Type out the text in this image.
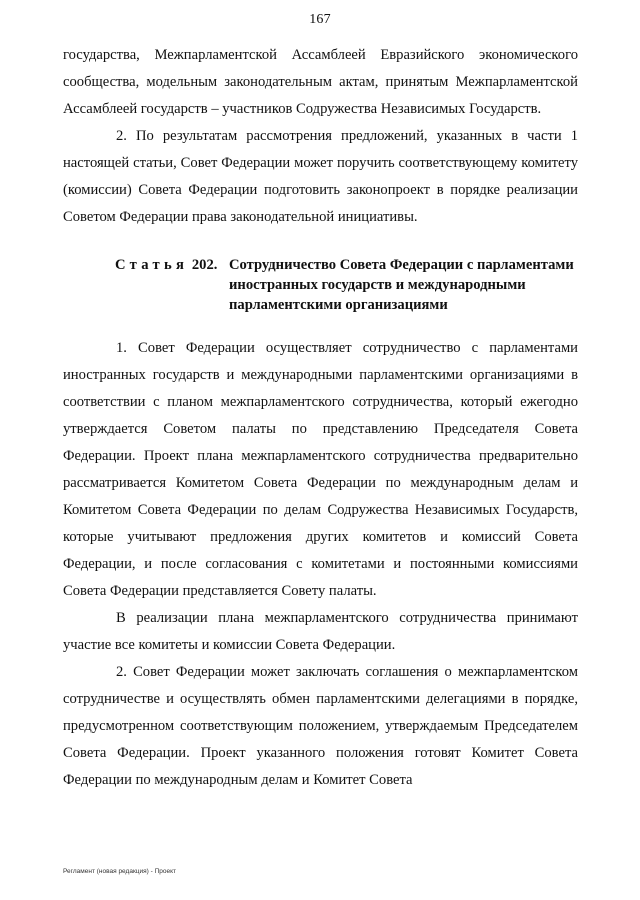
167

государства, Межпарламентской Ассамблеей Евразийского экономического сообщества, модельным законодательным актам, принятым Межпарламентской Ассамблеей государств – участников Содружества Независимых Государств.

2. По результатам рассмотрения предложений, указанных в части 1 настоящей статьи, Совет Федерации может поручить соответствующему комитету (комиссии) Совета Федерации подготовить законопроект в порядке реализации Советом Федерации права законодательной инициативы.

Статья 202. Сотрудничество Совета Федерации с парламентами иностранных государств и международными парламентскими организациями

1. Совет Федерации осуществляет сотрудничество с парламентами иностранных государств и международными парламентскими организациями в соответствии с планом межпарламентского сотрудничества, который ежегодно утверждается Советом палаты по представлению Председателя Совета Федерации. Проект плана межпарламентского сотрудничества предварительно рассматривается Комитетом Совета Федерации по международным делам и Комитетом Совета Федерации по делам Содружества Независимых Государств, которые учитывают предложения других комитетов и комиссий Совета Федерации, и после согласования с комитетами и постоянными комиссиями Совета Федерации представляется Совету палаты.

В реализации плана межпарламентского сотрудничества принимают участие все комитеты и комиссии Совета Федерации.

2. Совет Федерации может заключать соглашения о межпарламентском сотрудничестве и осуществлять обмен парламентскими делегациями в порядке, предусмотренном соответствующим положением, утверждаемым Председателем Совета Федерации. Проект указанного положения готовят Комитет Совета Федерации по международным делам и Комитет Совета

Регламент (новая редакция) - Проект
